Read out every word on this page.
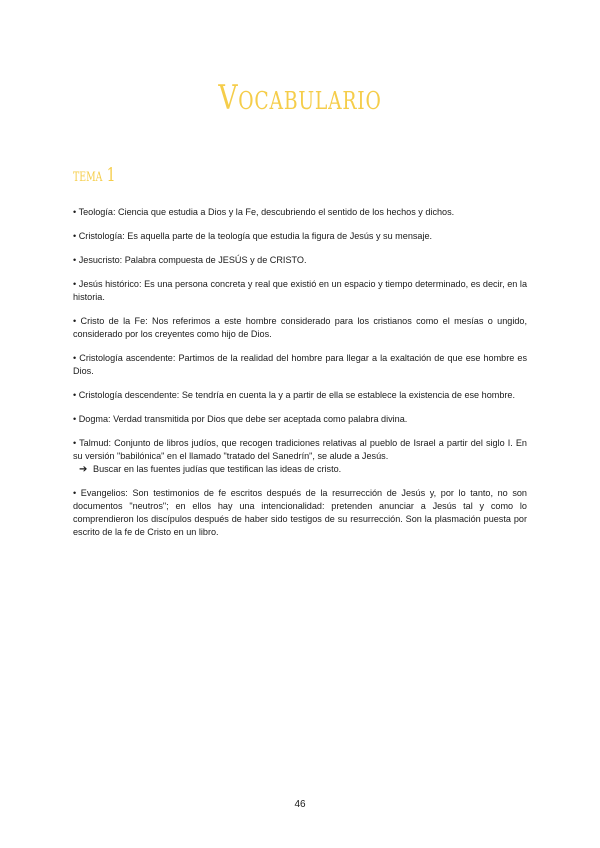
Vocabulario
tema 1

• Teología: Ciencia que estudia a Dios y la Fe, descubriendo el sentido de los hechos y dichos.

• Cristología: Es aquella parte de la teología que estudia la figura de Jesús y su mensaje.

• Jesucristo: Palabra compuesta de JESÚS y de CRISTO.

• Jesús histórico: Es una persona concreta y real que existió en un espacio y tiempo determinado, es decir, en la historia.

• Cristo de la Fe: Nos referimos a este hombre considerado para los cristianos como el mesías o ungido, considerado por los creyentes como hijo de Dios.

• Cristología ascendente: Partimos de la realidad del hombre para llegar a la exaltación de que ese hombre es Dios.

• Cristología descendente: Se tendría en cuenta la y a partir de ella se establece la existencia de ese hombre.

• Dogma: Verdad transmitida por Dios que debe ser aceptada como palabra divina.

• Talmud: Conjunto de libros judíos, que recogen tradiciones relativas al pueblo de Israel a partir del siglo I. En su versión "babilónica" en el llamado "tratado del Sanedrín", se alude a Jesús.
➔ Buscar en las fuentes judías que testifican las ideas de cristo.

• Evangelios: Son testimonios de fe escritos después de la resurrección de Jesús y, por lo tanto, no son documentos "neutros"; en ellos hay una intencionalidad: pretenden anunciar a Jesús tal y como lo comprendieron los discípulos después de haber sido testigos de su resurrección. Son la plasmación puesta por escrito de la fe de Cristo en un libro.

46
